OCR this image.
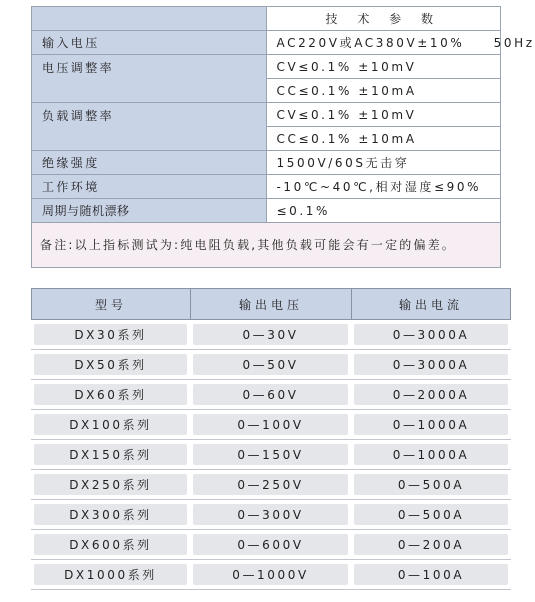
	技 术 参 数
输入电压	AC220V或AC380V±10%　　50Hz
电压调整率	CV≤0.1% ±10mV
	CC≤0.1% ±10mA
负载调整率	CV≤0.1% ±10mV
	CC≤0.1% ±10mA
绝缘强度	1500V/60S无击穿
工作环境	-10℃~40℃,相对湿度≤90%
周期与随机漂移	≤0.1%
备注:以上指标测试为:纯电阻负载,其他负载可能会有一定的偏差。	
型号	输出电压	输出电流

DX30系列	0—30V	0—3000A

DX50系列	0—50V	0—3000A

DX60系列	0—60V	0—2000A

DX100系列	0—100V	0—1000A

DX150系列	0—150V	0—1000A

DX250系列	0—250V	0—500A

DX300系列	0—300V	0—500A

DX600系列	0—600V	0—200A

DX1000系列	0—1000V	0—100A
